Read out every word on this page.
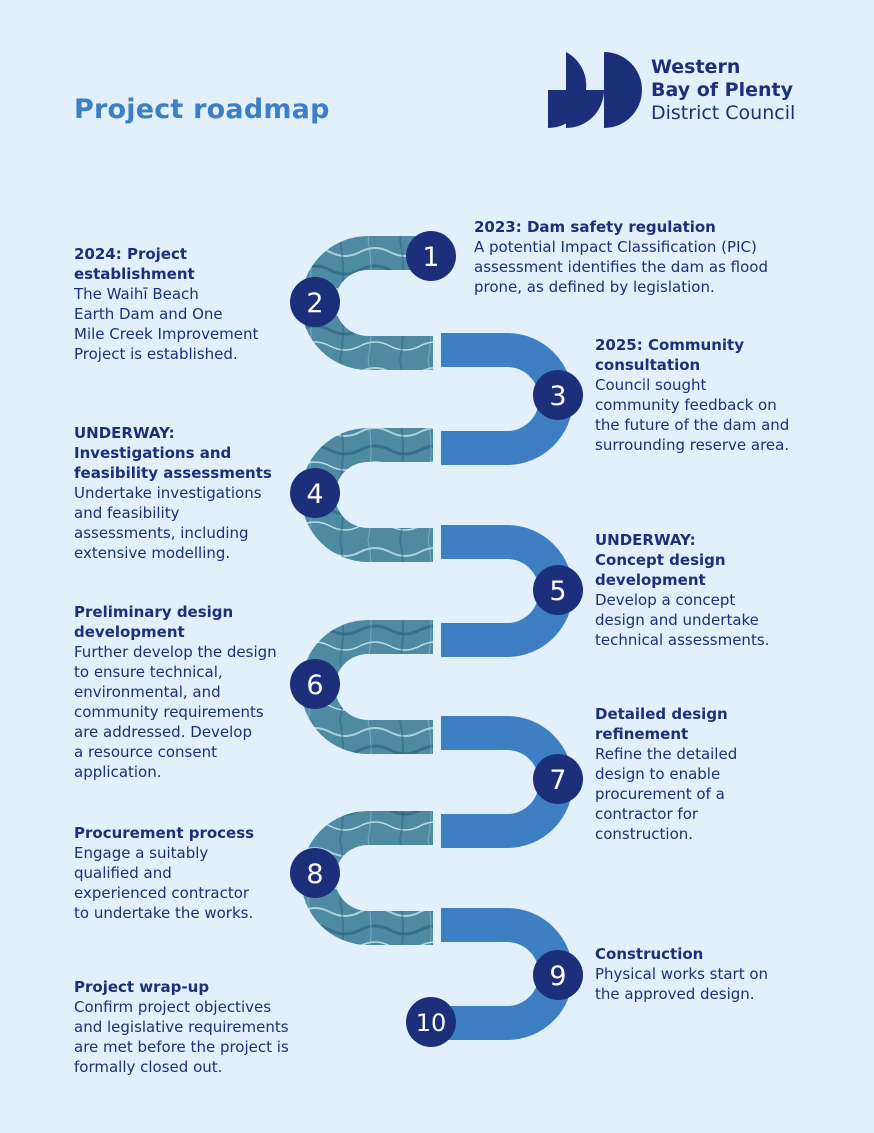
Project roadmap
Western
Bay of Plenty
District Council
1
2
3
4
5
6
7
8
9
10
2023: Dam safety regulation
A potential Impact Classification (PIC)
assessment identifies the dam as flood
prone, as defined by legislation.
2024: Project
establishment
The Waihī Beach
Earth Dam and One
Mile Creek Improvement
Project is established.	2025: Community
consultation
Council sought
community feedback on
the future of the dam and
surrounding reserve area.
UNDERWAY:
Investigations and
feasibility assessments
Undertake investigations
and feasibility
assessments, including
extensive modelling.
UNDERWAY:
Concept design
development
Develop a concept
design and undertake
technical assessments.
Preliminary design
development
Further develop the design
to ensure technical,
environmental, and
community requirements
are addressed. Develop
a resource consent
application.
Detailed design
refinement
Refine the detailed
design to enable
procurement of a
contractor for
construction.
Procurement process
Engage a suitably
qualified and
experienced contractor
to undertake the works.
Construction
Physical works start on
the approved design.
Project wrap-up
Confirm project objectives
and legislative requirements
are met before the project is
formally closed out.
